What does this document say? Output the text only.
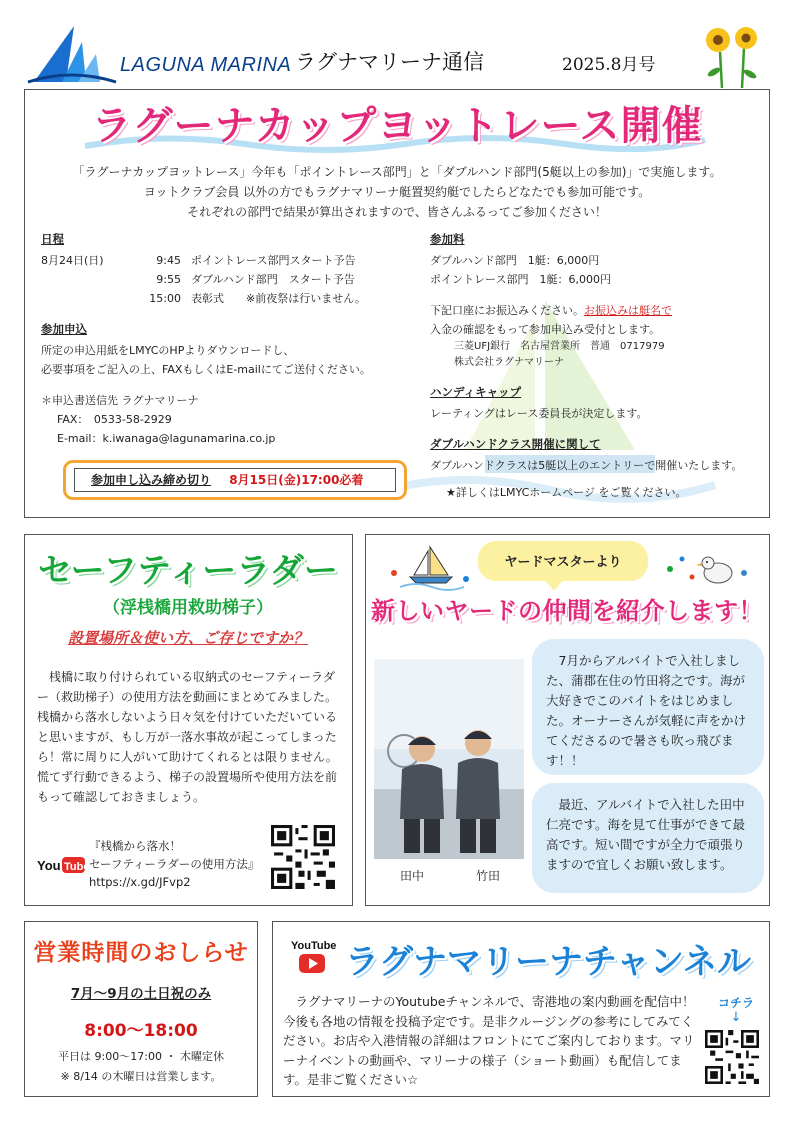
LAGUNA MARINA ラグナマリーナ通信	2025.8月号
ラグーナカップヨットレース開催
「ラグーナカップヨットレース」今年も「ポイントレース部門」と「ダブルハンド部門(5艇以上の参加)」で実施します。
ヨットクラブ会員 以外の方でもラグナマリーナ艇置契約艇でしたらどなたでも参加可能です。
それぞれの部門で結果が算出されますので、皆さんふるってご参加ください！
日程
8月24日(日)	9:45 ポイントレース部門スタート予告
9:55 ダブルハンド部門　スタート予告
15:00 表彰式　　※前夜祭は行いません。
参加申込
所定の申込用紙をLMYCのHPよりダウンロードし、
必要事項をご記入の上、FAXもしくはE-mailにてご送付ください。
＊申込書送信先 ラグナマリーナ
FAX：　0533-58-2929
E-mail：k.iwanaga@lagunamarina.co.jp
参加申し込み締め切り 8月15日(金)17:00必着
参加料
ダブルハンド部門　1艇：6,000円
ポイントレース部門　1艇：6,000円
下記口座にお振込みください。お振込みは艇名で
入金の確認をもって参加申込み受付とします。
三菱UFJ銀行　名古屋営業所　普通　0717979
株式会社ラグナマリーナ
ハンディキャップ
レーティングはレース委員長が決定します。
ダブルハンドクラス開催に関して
ダブルハンドクラスは5艇以上のエントリーで開催いたします。
★詳しくはLMYCホームページ をご覧ください。
セーフティーラダー
（浮桟橋用救助梯子）
設置場所＆使い方、ご存じですか？

桟橋に取り付けられている収納式のセーフティーラダー（救助梯子）の使用方法を動画にまとめてみました。

桟橋から落水しないよう日々気を付けていただいていると思いますが、もし万が一落水事故が起こってしまったら！常に周りに人がいて助けてくれるとは限りません。慌てず行動できるよう、梯子の設置場所や使用方法を前もって確認しておきましょう。
You Tube
『桟橋から落水！
セーフティーラダーの使用方法』
https://x.gd/JFvp2
ヤードマスターより
新しいヤードの仲間を紹介します！
田中	竹田

7月からアルバイトで入社しました、蒲郡在住の竹田将之です。海が大好きでこのバイトをはじめました。オーナーさんが気軽に声をかけてくださるので暑さも吹っ飛びます！！

最近、アルバイトで入社した田中仁亮です。海を見て仕事ができて最高です。短い間ですが全力で頑張りますので宜しくお願い致します。

営業時間のおしらせ
7月～9月の土日祝のみ
8:00～18:00
平日は 9:00～17:00 ・ 木曜定休
※ 8/14 の木曜日は営業します。
YouTube ラグナマリーナチャンネル

ラグナマリーナのYoutubeチャンネルで、寄港地の案内動画を配信中！今後も各地の情報を投稿予定です。是非クルージングの参考にしてみてください。お店や入港情報の詳細はフロントにてご案内しております。マリーナイベントの動画や、マリーナの様子（ショート動画）も配信してます。是非ご覧ください☆

コチラ
↓
